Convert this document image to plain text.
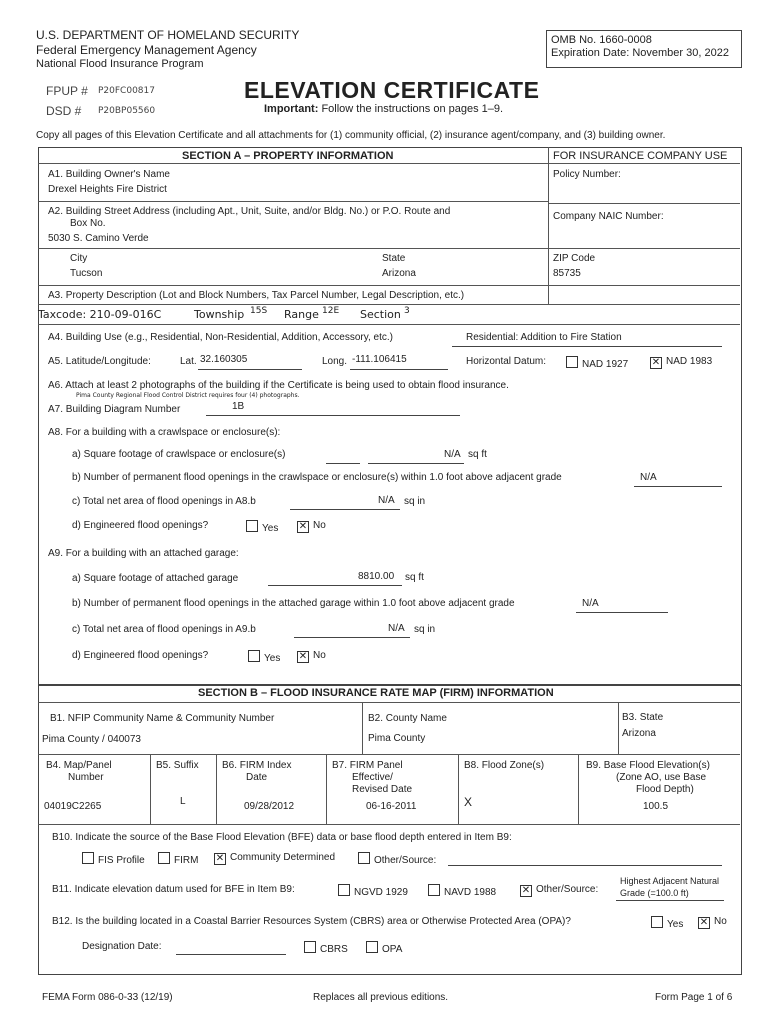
U.S. DEPARTMENT OF HOMELAND SECURITY
Federal Emergency Management Agency
National Flood Insurance Program
OMB No. 1660-0008
Expiration Date: November 30, 2022
FPUP # P20FC00817
DSD # P20BP05560
ELEVATION CERTIFICATE
Important: Follow the instructions on pages 1–9.
Copy all pages of this Elevation Certificate and all attachments for (1) community official, (2) insurance agent/company, and (3) building owner.
SECTION A – PROPERTY INFORMATION	FOR INSURANCE COMPANY USE
A1. Building Owner's Name
Drexel Heights Fire District
Policy Number:
A2. Building Street Address (including Apt., Unit, Suite, and/or Bldg. No.) or P.O. Route and
Box No.
5030 S. Camino Verde
Company NAIC Number:
City
Tucson
State
Arizona
ZIP Code
85735
A3. Property Description (Lot and Block Numbers, Tax Parcel Number, Legal Description, etc.)
Taxcode: 210-09-016C	Township 15S Range 12E Section 3
A4. Building Use (e.g., Residential, Non-Residential, Addition, Accessory, etc.)	Residential: Addition to Fire Station
A5. Latitude/Longitude:	Lat. 32.160305	Long. -111.106415	Horizontal Datum:	NAD 1927 ✕ NAD 1983
A6. Attach at least 2 photographs of the building if the Certificate is being used to obtain flood insurance.
Pima County Regional Flood Control District requires four (4) photographs.
A7. Building Diagram Number	1B
A8. For a building with a crawlspace or enclosure(s):
a) Square footage of crawlspace or enclosure(s)	N/A sq ft
b) Number of permanent flood openings in the crawlspace or enclosure(s) within 1.0 foot above adjacent grade	N/A
c) Total net area of flood openings in A8.b	N/A sq in
d) Engineered flood openings?	Yes ✕ No
A9. For a building with an attached garage:
a) Square footage of attached garage	8810.00 sq ft
b) Number of permanent flood openings in the attached garage within 1.0 foot above adjacent grade	N/A
c) Total net area of flood openings in A9.b	N/A sq in
d) Engineered flood openings?	Yes ✕ No
SECTION B – FLOOD INSURANCE RATE MAP (FIRM) INFORMATION
B1. NFIP Community Name & Community Number
Pima County / 040073
B2. County Name
Pima County
B3. State
Arizona
B4. Map/Panel
Number
04019C2265
B5. Suffix
L
B6. FIRM Index
Date
09/28/2012
B7. FIRM Panel
Effective/
Revised Date
06-16-2011
B8. Flood Zone(s)
X
B9. Base Flood Elevation(s)
(Zone AO, use Base
Flood Depth)
100.5
B10. Indicate the source of the Base Flood Elevation (BFE) data or base flood depth entered in Item B9:
FIS Profile	FIRM ✕ Community Determined	Other/Source:
B11. Indicate elevation datum used for BFE in Item B9:	NGVD 1929	NAVD 1988	✕ Other/Source:
Highest Adjacent Natural
Grade (=100.0 ft)
B12. Is the building located in a Coastal Barrier Resources System (CBRS) area or Otherwise Protected Area (OPA)?	Yes ✕ No
Designation Date:	CBRS	OPA
FEMA Form 086-0-33 (12/19)	Replaces all previous editions.	Form Page 1 of 6
